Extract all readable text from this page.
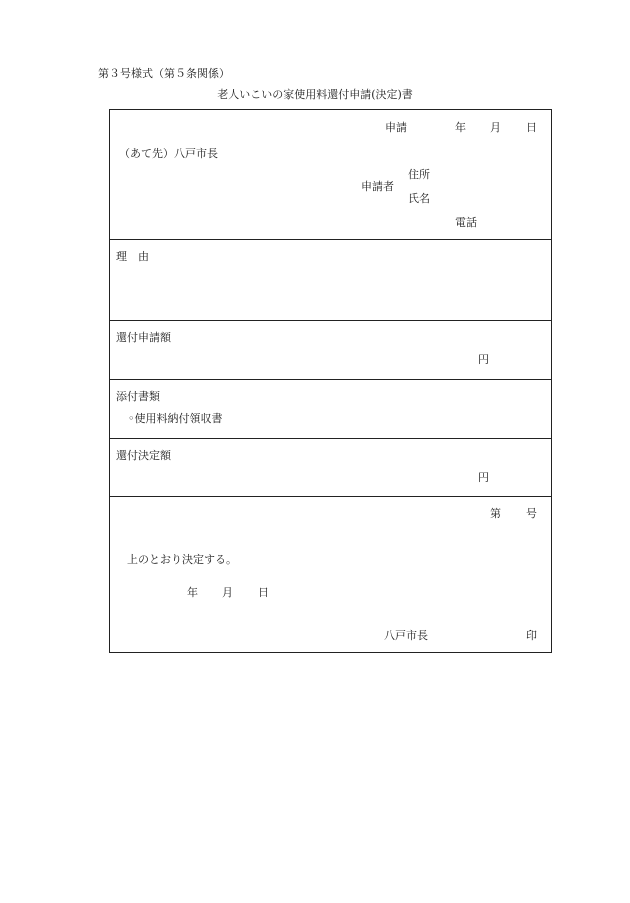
第３号様式（第５条関係）
老人いこいの家使用料還付申請(決定)書
申請	年 月 日
（あて先）八戸市長
申請者
住所
氏名
電話
理　由
還付申請額
円
添付書類
◦使用料納付領収書
還付決定額
円
第 号
上のとおり決定する。
年 月 日
八戸市長	印
